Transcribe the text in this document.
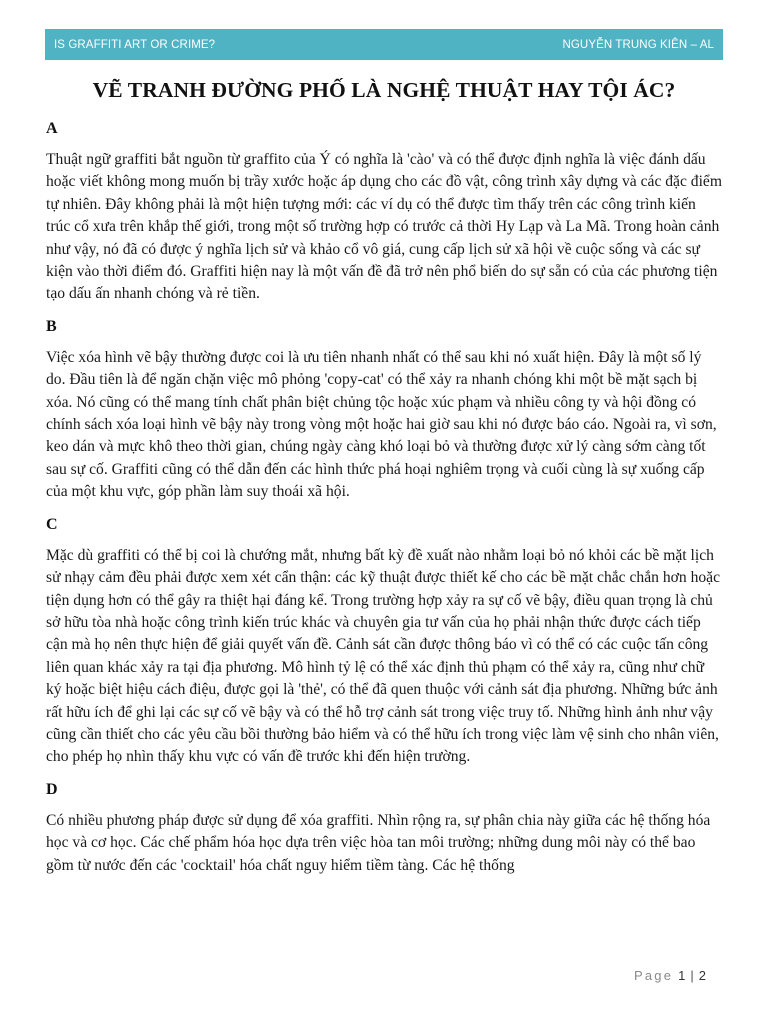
IS GRAFFITI ART OR CRIME?	NGUYỄN TRUNG KIÊN – AL
VẼ TRANH ĐƯỜNG PHỐ LÀ NGHỆ THUẬT HAY TỘI ÁC?
A

Thuật ngữ graffiti bắt nguồn từ graffito của Ý có nghĩa là 'cào' và có thể được định nghĩa là việc đánh dấu hoặc viết không mong muốn bị trầy xước hoặc áp dụng cho các đồ vật, công trình xây dựng và các đặc điểm tự nhiên. Đây không phải là một hiện tượng mới: các ví dụ có thể được tìm thấy trên các công trình kiến trúc cổ xưa trên khắp thế giới, trong một số trường hợp có trước cả thời Hy Lạp và La Mã. Trong hoàn cảnh như vậy, nó đã có được ý nghĩa lịch sử và khảo cổ vô giá, cung cấp lịch sử xã hội về cuộc sống và các sự kiện vào thời điểm đó. Graffiti hiện nay là một vấn đề đã trở nên phổ biến do sự sẵn có của các phương tiện tạo dấu ấn nhanh chóng và rẻ tiền.

B

Việc xóa hình vẽ bậy thường được coi là ưu tiên nhanh nhất có thể sau khi nó xuất hiện. Đây là một số lý do. Đầu tiên là để ngăn chặn việc mô phỏng 'copy-cat' có thể xảy ra nhanh chóng khi một bề mặt sạch bị xóa. Nó cũng có thể mang tính chất phân biệt chủng tộc hoặc xúc phạm và nhiều công ty và hội đồng có chính sách xóa loại hình vẽ bậy này trong vòng một hoặc hai giờ sau khi nó được báo cáo. Ngoài ra, vì sơn, keo dán và mực khô theo thời gian, chúng ngày càng khó loại bỏ và thường được xử lý càng sớm càng tốt sau sự cố. Graffiti cũng có thể dẫn đến các hình thức phá hoại nghiêm trọng và cuối cùng là sự xuống cấp của một khu vực, góp phần làm suy thoái xã hội.

C

Mặc dù graffiti có thể bị coi là chướng mắt, nhưng bất kỳ đề xuất nào nhằm loại bỏ nó khỏi các bề mặt lịch sử nhạy cảm đều phải được xem xét cẩn thận: các kỹ thuật được thiết kế cho các bề mặt chắc chắn hơn hoặc tiện dụng hơn có thể gây ra thiệt hại đáng kể. Trong trường hợp xảy ra sự cố vẽ bậy, điều quan trọng là chủ sở hữu tòa nhà hoặc công trình kiến trúc khác và chuyên gia tư vấn của họ phải nhận thức được cách tiếp cận mà họ nên thực hiện để giải quyết vấn đề. Cảnh sát cần được thông báo vì có thể có các cuộc tấn công liên quan khác xảy ra tại địa phương. Mô hình tỷ lệ có thể xác định thủ phạm có thể xảy ra, cũng như chữ ký hoặc biệt hiệu cách điệu, được gọi là 'thẻ', có thể đã quen thuộc với cảnh sát địa phương. Những bức ảnh rất hữu ích để ghi lại các sự cố vẽ bậy và có thể hỗ trợ cảnh sát trong việc truy tố. Những hình ảnh như vậy cũng cần thiết cho các yêu cầu bồi thường bảo hiểm và có thể hữu ích trong việc làm vệ sinh cho nhân viên, cho phép họ nhìn thấy khu vực có vấn đề trước khi đến hiện trường.

D

Có nhiều phương pháp được sử dụng để xóa graffiti. Nhìn rộng ra, sự phân chia này giữa các hệ thống hóa học và cơ học. Các chế phẩm hóa học dựa trên việc hòa tan môi trường; những dung môi này có thể bao gồm từ nước đến các 'cocktail' hóa chất nguy hiểm tiềm tàng. Các hệ thống

Page 1 | 2
